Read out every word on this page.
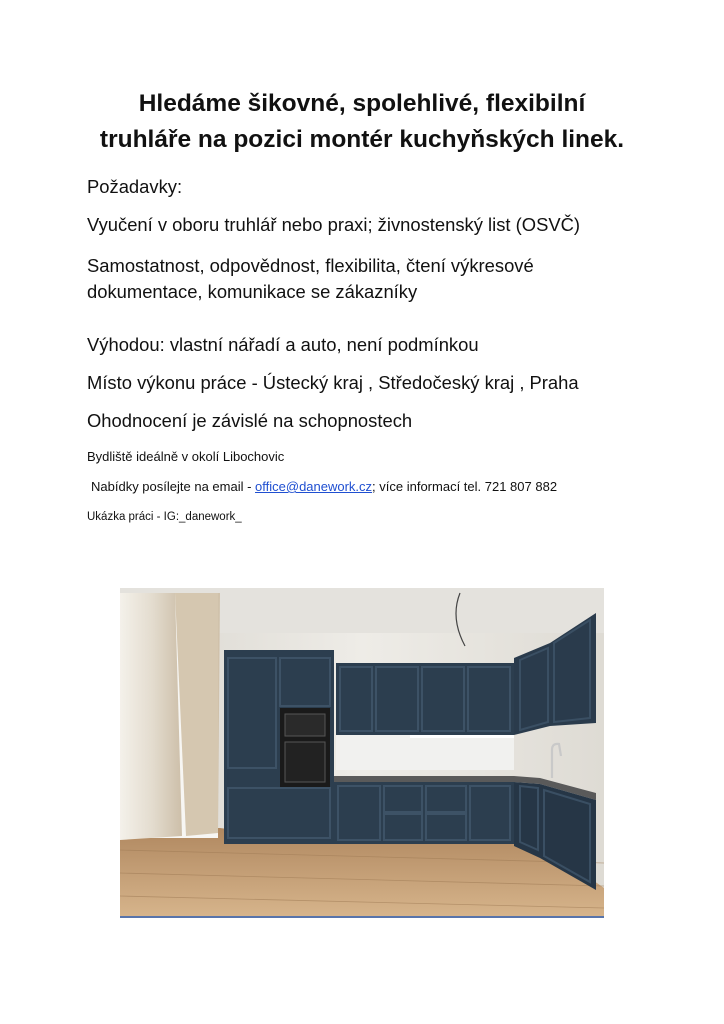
Hledáme šikovné, spolehlivé, flexibilní
truhláře na pozici montér kuchyňských linek.

Požadavky:

Vyučení v oboru truhlář nebo praxi; živnostenský list (OSVČ)

Samostatnost, odpovědnost, flexibilita, čtení výkresové

dokumentace, komunikace se zákazníky

Výhodou: vlastní nářadí a auto, není podmínkou

Místo výkonu práce - Ústecký kraj , Středočeský kraj , Praha

Ohodnocení je závislé na schopnostech

Bydliště ideálně v okolí Libochovic

Nabídky posílejte na email - office@danework.cz; více informací tel. 721 807 882

Ukázka práci - IG:_danework_
